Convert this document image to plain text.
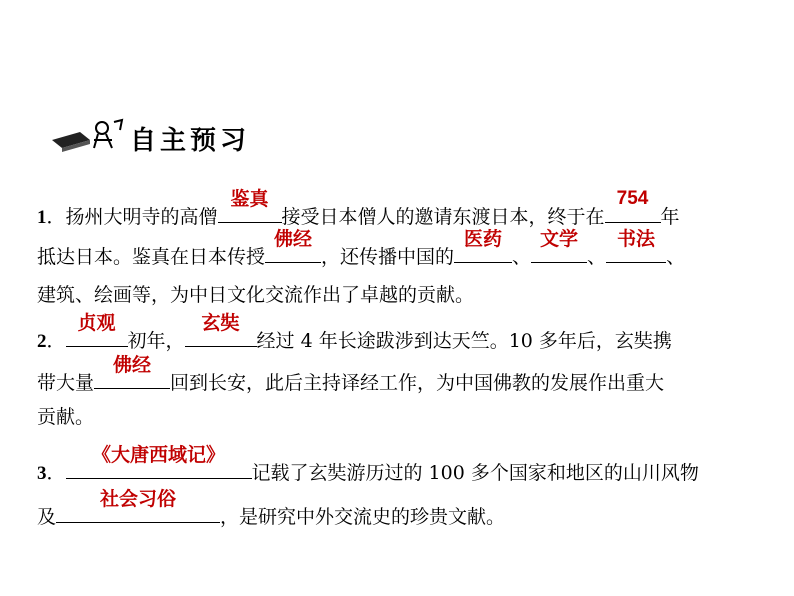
自主预习
1．扬州大明寺的高僧
鉴真
接受日本僧人的邀请东渡日本，终于在
754
年
抵达日本。鉴真在日本传授
佛经
，还传播中国的
医药
、
文学
、
书法
、
建筑、绘画等，为中日文化交流作出了卓越的贡献。
2．
贞观
初年，
玄奘
经过 4 年长途跋涉到达天竺。10 多年后，玄奘携
带大量
佛经
回到长安，此后主持译经工作，为中国佛教的发展作出重大
贡献。
3．
《大唐西域记》
记载了玄奘游历过的 100 多个国家和地区的山川风物
及
社会习俗
，是研究中外交流史的珍贵文献。
